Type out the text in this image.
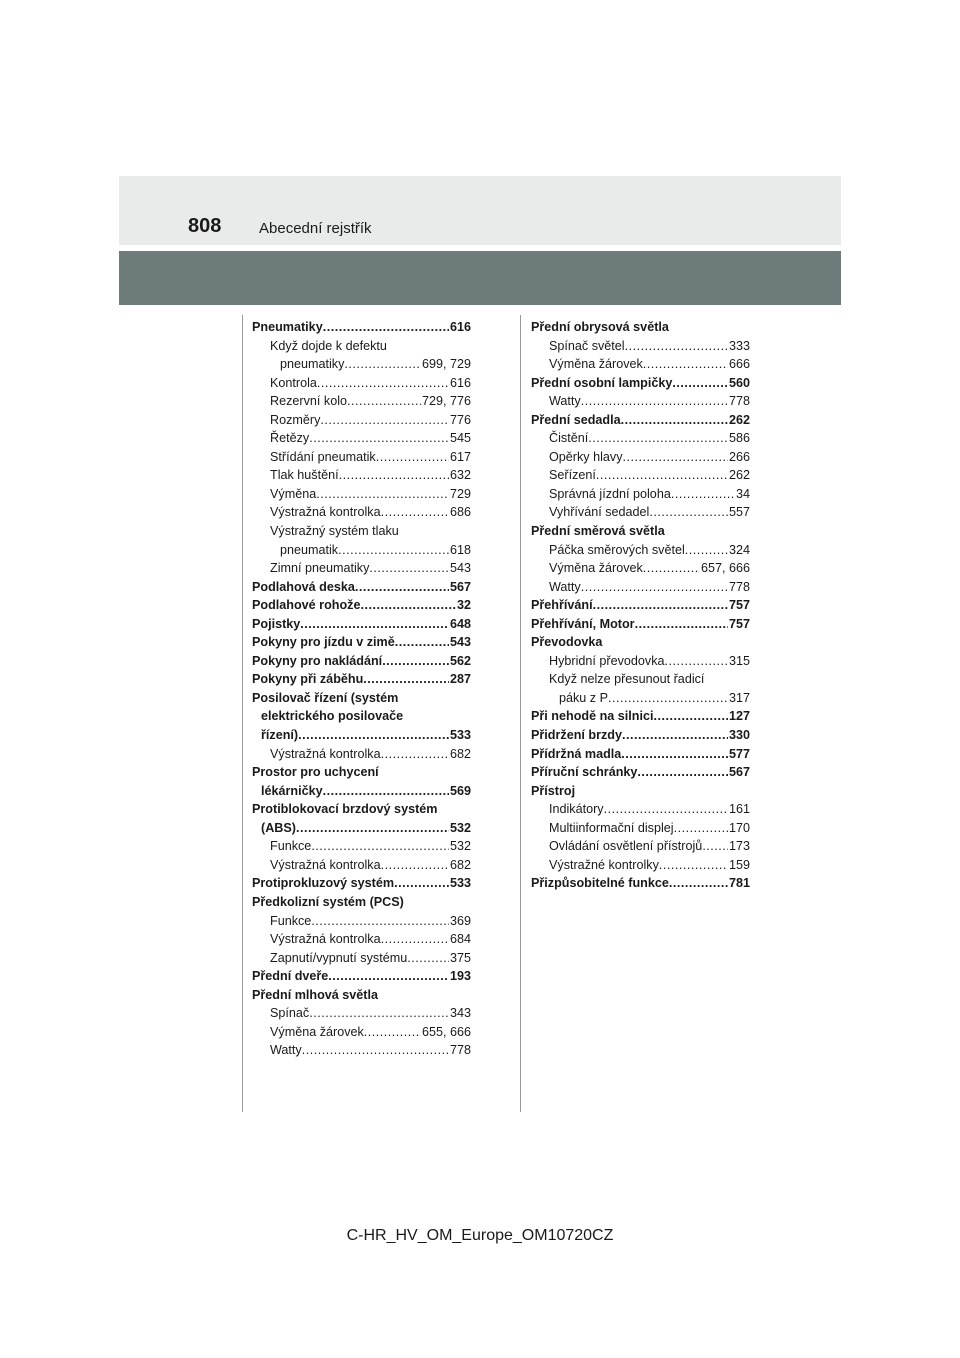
808	Abecední rejstřík
Pneumatiky .....	616
Když dojde k defektu
pneumatiky .....	699, 729
Kontrola .....	616
Rezervní kolo .....	729, 776
Rozměry .....	776
Řetězy .....	545
Střídání pneumatik .....	617
Tlak huštění .....	632
Výměna .....	729
Výstražná kontrolka .....	686
Výstražný systém tlaku
pneumatik .....	618
Zimní pneumatiky .....	543
Podlahová deska .....	567
Podlahové rohože .....	32
Pojistky .....	648
Pokyny pro jízdu v zimě .....	543
Pokyny pro nakládání .....	562
Pokyny při záběhu .....	287
Posilovač řízení (systém
elektrického posilovače
řízení) .....	533
Výstražná kontrolka .....	682
Prostor pro uchycení
lékárničky .....	569
Protiblokovací brzdový systém
(ABS) .....	532
Funkce .....	532
Výstražná kontrolka .....	682
Protiprokluzový systém .....	533
Předkolizní systém (PCS)
Funkce .....	369
Výstražná kontrolka .....	684
Zapnutí/vypnutí systému .....	375
Přední dveře .....	193
Přední mlhová světla
Spínač .....	343
Výměna žárovek .....	655, 666
Watty .....	778
Přední obrysová světla
Spínač světel .....	333
Výměna žárovek .....	666
Přední osobní lampičky .....	560
Watty .....	778
Přední sedadla .....	262
Čistění .....	586
Opěrky hlavy .....	266
Seřízení .....	262
Správná jízdní poloha .....	34
Vyhřívání sedadel .....	557
Přední směrová světla
Páčka směrových světel .....	324
Výměna žárovek .....	657, 666
Watty .....	778
Přehřívání .....	757
Přehřívání, Motor .....	757
Převodovka
Hybridní převodovka .....	315
Když nelze přesunout řadicí
páku z P .....	317
Při nehodě na silnici .....	127
Přidržení brzdy .....	330
Přídržná madla .....	577
Příruční schránky .....	567
Přístroj
Indikátory .....	161
Multiinformační displej .....	170
Ovládání osvětlení přístrojů ..... 173
Výstražné kontrolky .....	159
Přizpůsobitelné funkce .....	781
C-HR_HV_OM_Europe_OM10720CZ
